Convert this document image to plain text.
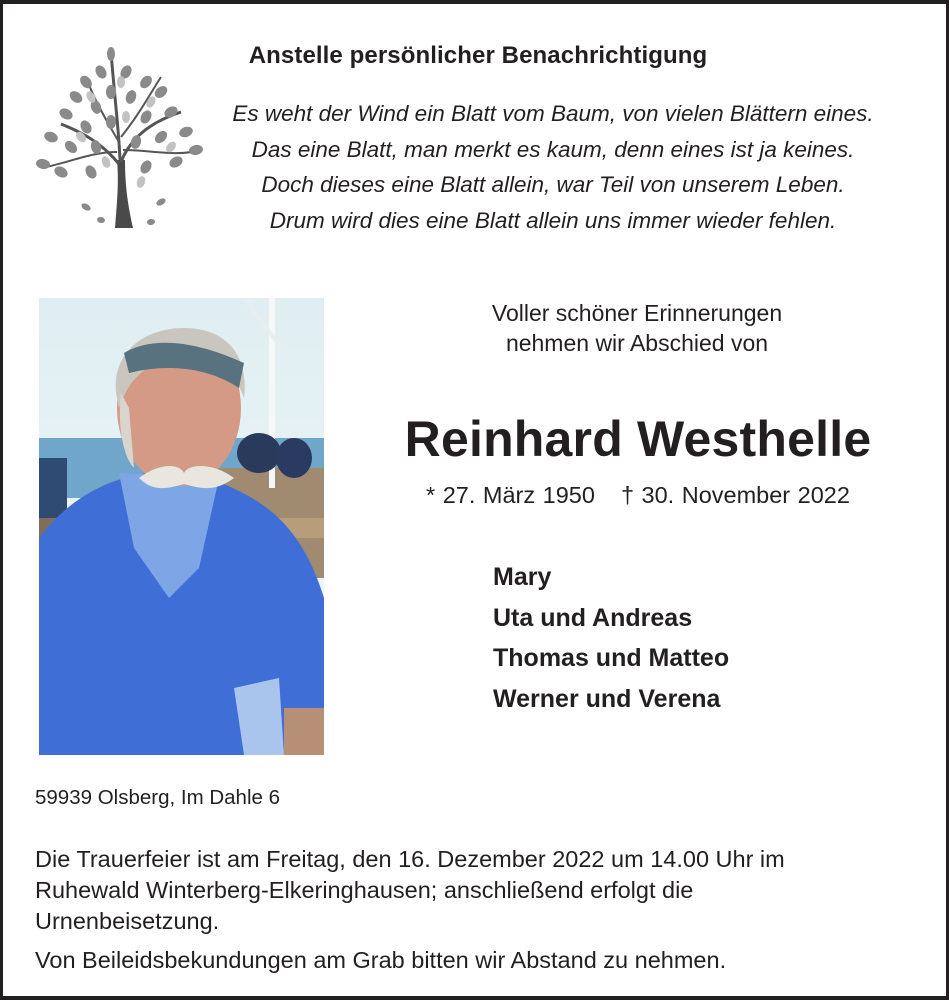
Anstelle persönlicher Benachrichtigung
Es weht der Wind ein Blatt vom Baum, von vielen Blättern eines.
Das eine Blatt, man merkt es kaum, denn eines ist ja keines.
Doch dieses eine Blatt allein, war Teil von unserem Leben.
Drum wird dies eine Blatt allein uns immer wieder fehlen.
Voller schöner Erinnerungen
nehmen wir Abschied von
Reinhard Westhelle
* 27. März 1950 † 30. November 2022
Mary
Uta und Andreas
Thomas und Matteo
Werner und Verena
59939 Olsberg, Im Dahle 6
Die Trauerfeier ist am Freitag, den 16. Dezember 2022 um 14.00 Uhr im
Ruhewald Winterberg-Elkeringhausen; anschließend erfolgt die
Urnenbeisetzung.
Von Beileidsbekundungen am Grab bitten wir Abstand zu nehmen.
